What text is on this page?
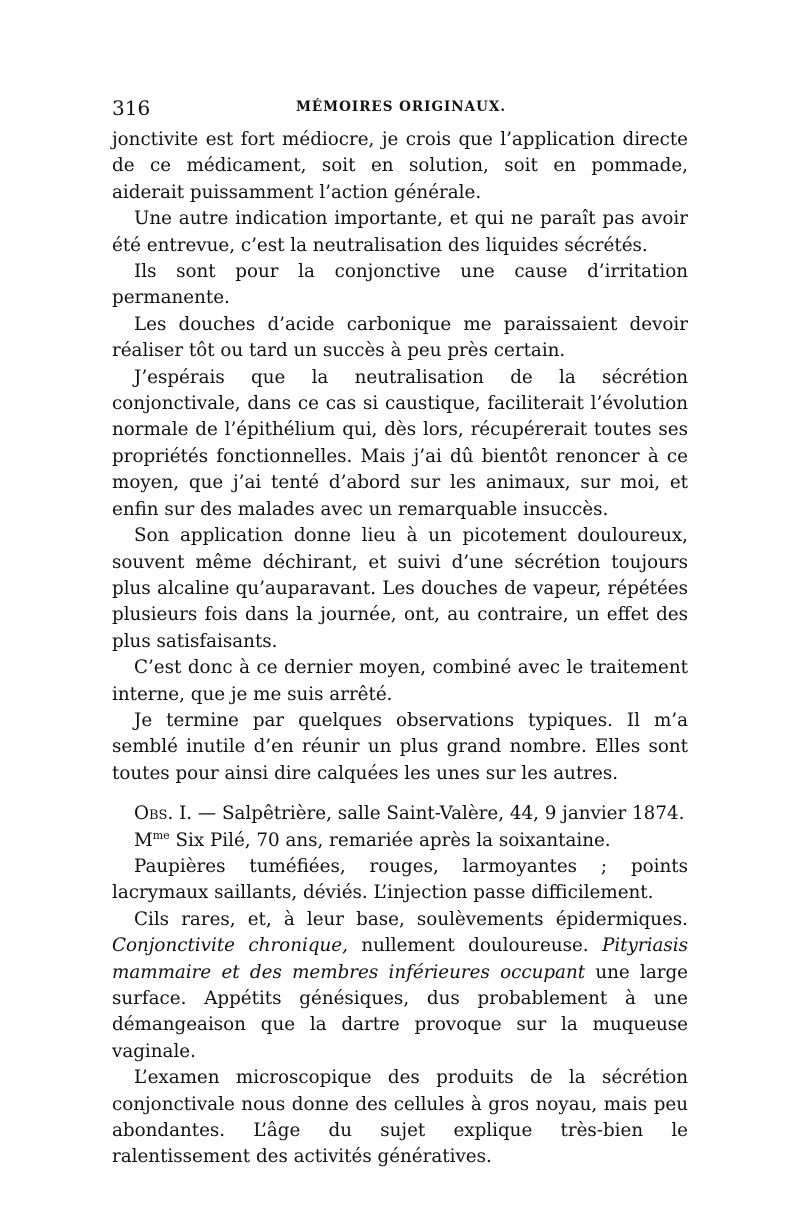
316	MÉMOIRES ORIGINAUX.

jonctivite est fort médiocre, je crois que l’application directe de ce médicament, soit en solution, soit en pommade, aiderait puissamment l’action générale.

Une autre indication importante, et qui ne paraît pas avoir été entrevue, c’est la neutralisation des liquides sécrétés.

Ils sont pour la conjonctive une cause d’irritation permanente.

Les douches d’acide carbonique me paraissaient devoir réaliser tôt ou tard un succès à peu près certain.

J’espérais que la neutralisation de la sécrétion conjonctivale, dans ce cas si caustique, faciliterait l’évolution normale de l’épithélium qui, dès lors, récupérerait toutes ses propriétés fonctionnelles. Mais j’ai dû bientôt renoncer à ce moyen, que j’ai tenté d’abord sur les animaux, sur moi, et enfin sur des malades avec un remarquable insuccès.

Son application donne lieu à un picotement douloureux, souvent même déchirant, et suivi d’une sécrétion toujours plus alcaline qu’auparavant. Les douches de vapeur, répétées plusieurs fois dans la journée, ont, au contraire, un effet des plus satisfaisants.

C’est donc à ce dernier moyen, combiné avec le traitement interne, que je me suis arrêté.

Je termine par quelques observations typiques. Il m’a semblé inutile d’en réunir un plus grand nombre. Elles sont toutes pour ainsi dire calquées les unes sur les autres.

Obs. I. — Salpêtrière, salle Saint-Valère, 44, 9 janvier 1874.

$M^{me}$ Six Pilé, 70 ans, remariée après la soixantaine.

Paupières tuméfiées, rouges, larmoyantes ; points lacrymaux saillants, déviés. L’injection passe difficilement.

Cils rares, et, à leur base, soulèvements épidermiques. Conjonctivite chronique, nullement douloureuse. Pityriasis mammaire et des membres inférieures occupant une large surface. Appétits génésiques, dus probablement à une démangeaison que la dartre provoque sur la muqueuse vaginale.

L’examen microscopique des produits de la sécrétion conjonctivale nous donne des cellules à gros noyau, mais peu abondantes. L’âge du sujet explique très-bien le ralentissement des activités génératives.
